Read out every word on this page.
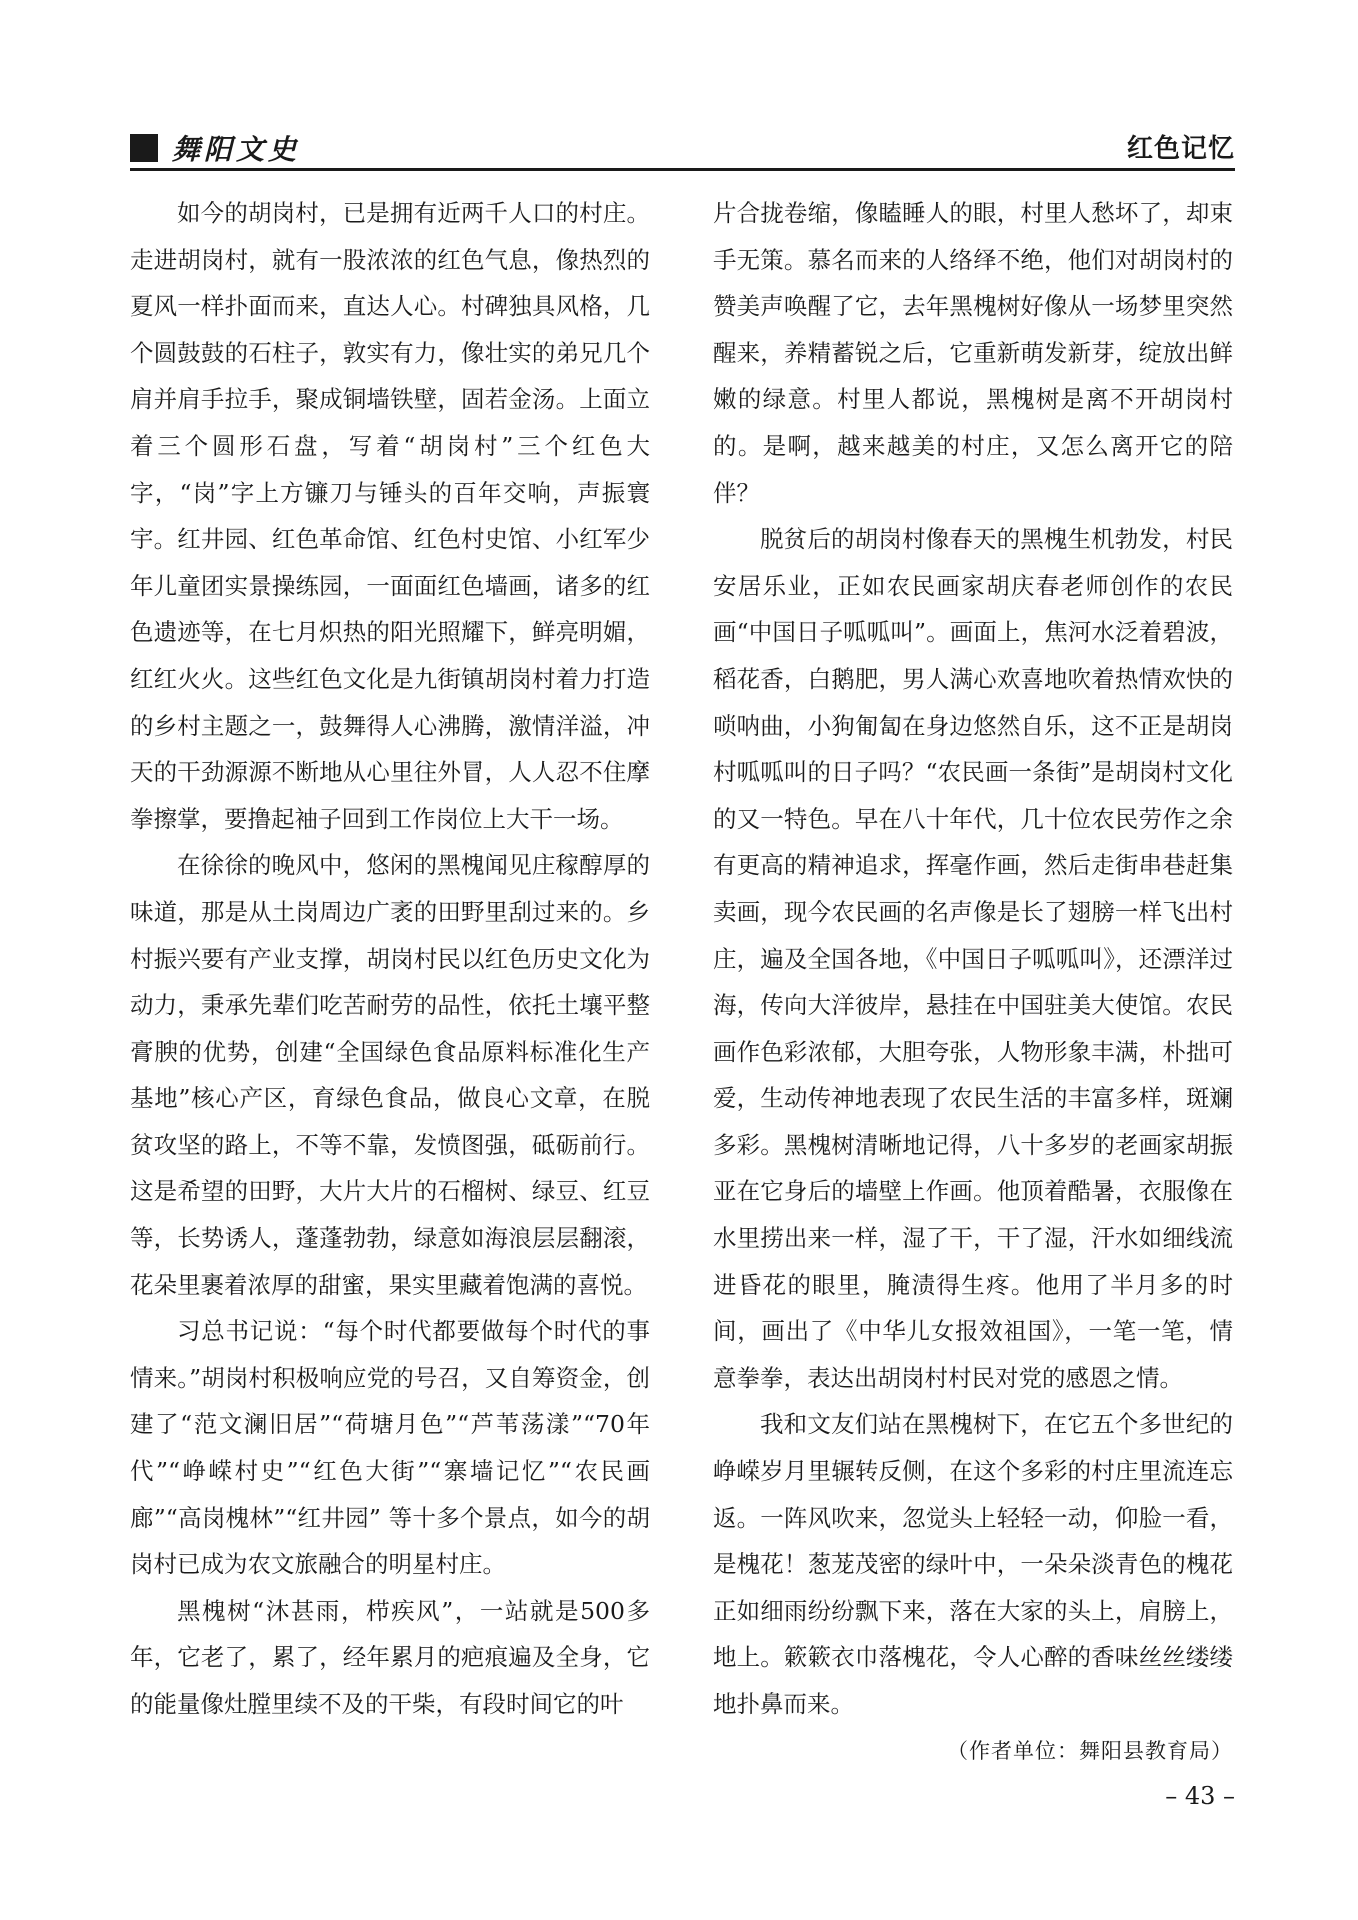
舞阳文史	红色记忆

如今的胡岗村，已是拥有近两千人口的村庄。走进胡岗村，就有一股浓浓的红色气息，像热烈的夏风一样扑面而来，直达人心。村碑独具风格，几个圆鼓鼓的石柱子，敦实有力，像壮实的弟兄几个肩并肩手拉手，聚成铜墙铁壁，固若金汤。上面立着三个圆形石盘，写着“胡岗村”三个红色大字，“岗”字上方镰刀与锤头的百年交响，声振寰宇。红井园、红色革命馆、红色村史馆、小红军少年儿童团实景操练园，一面面红色墙画，诸多的红色遗迹等，在七月炽热的阳光照耀下，鲜亮明媚，红红火火。这些红色文化是九街镇胡岗村着力打造的乡村主题之一，鼓舞得人心沸腾，激情洋溢，冲天的干劲源源不断地从心里往外冒，人人忍不住摩拳擦掌，要撸起袖子回到工作岗位上大干一场。

在徐徐的晚风中，悠闲的黑槐闻见庄稼醇厚的味道，那是从土岗周边广袤的田野里刮过来的。乡村振兴要有产业支撑，胡岗村民以红色历史文化为动力，秉承先辈们吃苦耐劳的品性，依托土壤平整膏腴的优势，创建“全国绿色食品原料标准化生产基地”核心产区，育绿色食品，做良心文章，在脱贫攻坚的路上，不等不靠，发愤图强，砥砺前行。这是希望的田野，大片大片的石榴树、绿豆、红豆等，长势诱人，蓬蓬勃勃，绿意如海浪层层翻滚，花朵里裹着浓厚的甜蜜，果实里藏着饱满的喜悦。

习总书记说：“每个时代都要做每个时代的事情来。”胡岗村积极响应党的号召，又自筹资金，创建了“范文澜旧居”“荷塘月色”“芦苇荡漾”“70年代”“峥嵘村史”“红色大街”“寨墙记忆”“农民画廊”“高岗槐林”“红井园” 等十多个景点，如今的胡岗村已成为农文旅融合的明星村庄。

黑槐树“沐甚雨，栉疾风”，一站就是500多年，它老了，累了，经年累月的疤痕遍及全身，它的能量像灶膛里续不及的干柴，有段时间它的叶

片合拢卷缩，像瞌睡人的眼，村里人愁坏了，却束手无策。慕名而来的人络绎不绝，他们对胡岗村的赞美声唤醒了它，去年黑槐树好像从一场梦里突然醒来，养精蓄锐之后，它重新萌发新芽，绽放出鲜嫩的绿意。村里人都说，黑槐树是离不开胡岗村的。是啊，越来越美的村庄，又怎么离开它的陪伴？

脱贫后的胡岗村像春天的黑槐生机勃发，村民安居乐业，正如农民画家胡庆春老师创作的农民画“中国日子呱呱叫”。画面上，焦河水泛着碧波，稻花香，白鹅肥，男人满心欢喜地吹着热情欢快的唢呐曲，小狗匍匐在身边悠然自乐，这不正是胡岗村呱呱叫的日子吗？“农民画一条街”是胡岗村文化的又一特色。早在八十年代，几十位农民劳作之余有更高的精神追求，挥毫作画，然后走街串巷赶集卖画，现今农民画的名声像是长了翅膀一样飞出村庄，遍及全国各地，《中国日子呱呱叫》，还漂洋过海，传向大洋彼岸，悬挂在中国驻美大使馆。农民画作色彩浓郁，大胆夸张，人物形象丰满，朴拙可爱，生动传神地表现了农民生活的丰富多样，斑斓多彩。黑槐树清晰地记得，八十多岁的老画家胡振亚在它身后的墙壁上作画。他顶着酷暑，衣服像在水里捞出来一样，湿了干，干了湿，汗水如细线流进昏花的眼里，腌渍得生疼。他用了半月多的时间，画出了《中华儿女报效祖国》，一笔一笔，情意拳拳，表达出胡岗村村民对党的感恩之情。

我和文友们站在黑槐树下，在它五个多世纪的峥嵘岁月里辗转反侧，在这个多彩的村庄里流连忘返。一阵风吹来，忽觉头上轻轻一动，仰脸一看，是槐花！葱茏茂密的绿叶中，一朵朵淡青色的槐花正如细雨纷纷飘下来，落在大家的头上，肩膀上，地上。簌簌衣巾落槐花，令人心醉的香味丝丝缕缕地扑鼻而来。

（作者单位：舞阳县教育局）

– 43 –
